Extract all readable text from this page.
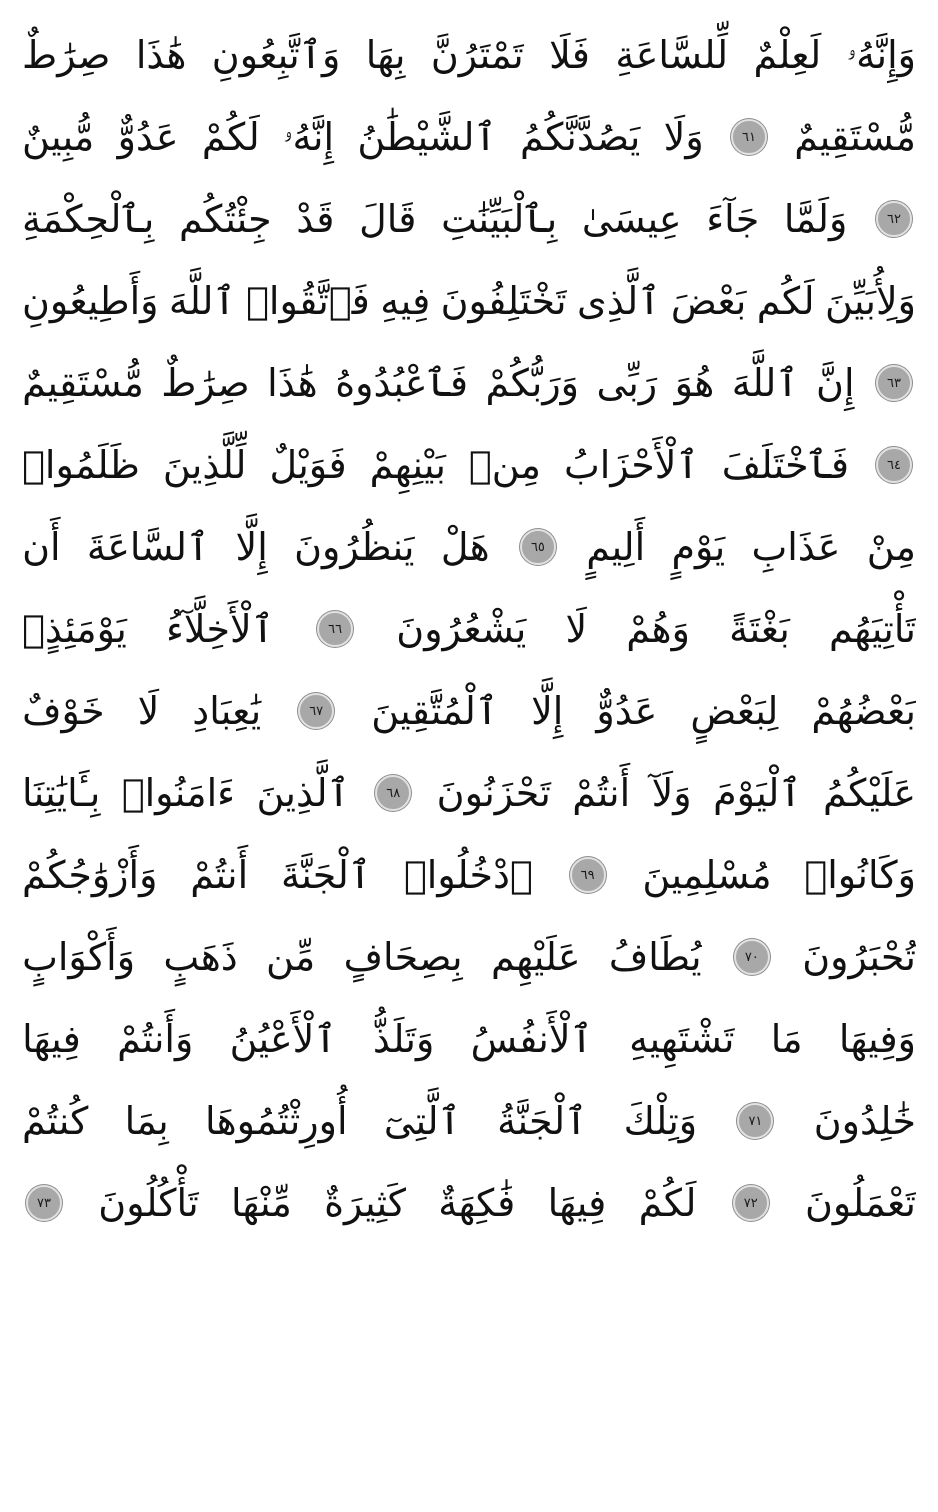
وَإِنَّهُۥ
لَعِلْمٌ
لِّلسَّاعَةِ
فَلَا
تَمْتَرُنَّ
بِهَا
وَٱتَّبِعُونِ
هَٰذَا
صِرَٰطٌ
مُّسْتَقِيمٌ
٦١
وَلَا
يَصُدَّنَّكُمُ
ٱلشَّيْطَٰنُ
إِنَّهُۥ
لَكُمْ
عَدُوٌّ
مُّبِينٌ
٦٢
وَلَمَّا
جَآءَ
عِيسَىٰ
بِٱلْبَيِّنَٰتِ
قَالَ
قَدْ
جِئْتُكُم
بِٱلْحِكْمَةِ
وَلِأُبَيِّنَ
لَكُم
بَعْضَ
ٱلَّذِى
تَخْتَلِفُونَ
فِيهِ
فَٱتَّقُوا۟
ٱللَّهَ
وَأَطِيعُونِ
٦٣
إِنَّ
ٱللَّهَ
هُوَ
رَبِّى
وَرَبُّكُمْ
فَٱعْبُدُوهُ
هَٰذَا
صِرَٰطٌ
مُّسْتَقِيمٌ
٦٤
فَٱخْتَلَفَ
ٱلْأَحْزَابُ
مِنۢ
بَيْنِهِمْ
فَوَيْلٌ
لِّلَّذِينَ
ظَلَمُوا۟
مِنْ
عَذَابِ
يَوْمٍ
أَلِيمٍ
٦٥
هَلْ
يَنظُرُونَ
إِلَّا
ٱلسَّاعَةَ
أَن
تَأْتِيَهُم
بَغْتَةً
وَهُمْ
لَا
يَشْعُرُونَ
٦٦
ٱلْأَخِلَّآءُ
يَوْمَئِذٍۭ
بَعْضُهُمْ
لِبَعْضٍ
عَدُوٌّ
إِلَّا
ٱلْمُتَّقِينَ
٦٧
يَٰعِبَادِ
لَا
خَوْفٌ
عَلَيْكُمُ
ٱلْيَوْمَ
وَلَآ
أَنتُمْ
تَحْزَنُونَ
٦٨
ٱلَّذِينَ
ءَامَنُوا۟
بِـَٔايَٰتِنَا
وَكَانُوا۟
مُسْلِمِينَ
٦٩
ٱدْخُلُوا۟
ٱلْجَنَّةَ
أَنتُمْ
وَأَزْوَٰجُكُمْ
تُحْبَرُونَ
٧٠
يُطَافُ
عَلَيْهِم
بِصِحَافٍ
مِّن
ذَهَبٍ
وَأَكْوَابٍ
وَفِيهَا
مَا
تَشْتَهِيهِ
ٱلْأَنفُسُ
وَتَلَذُّ
ٱلْأَعْيُنُ
وَأَنتُمْ
فِيهَا
خَٰلِدُونَ
٧١
وَتِلْكَ
ٱلْجَنَّةُ
ٱلَّتِىٓ
أُورِثْتُمُوهَا
بِمَا
كُنتُمْ
تَعْمَلُونَ
٧٢
لَكُمْ
فِيهَا
فَٰكِهَةٌ
كَثِيرَةٌ
مِّنْهَا
تَأْكُلُونَ
٧٣
